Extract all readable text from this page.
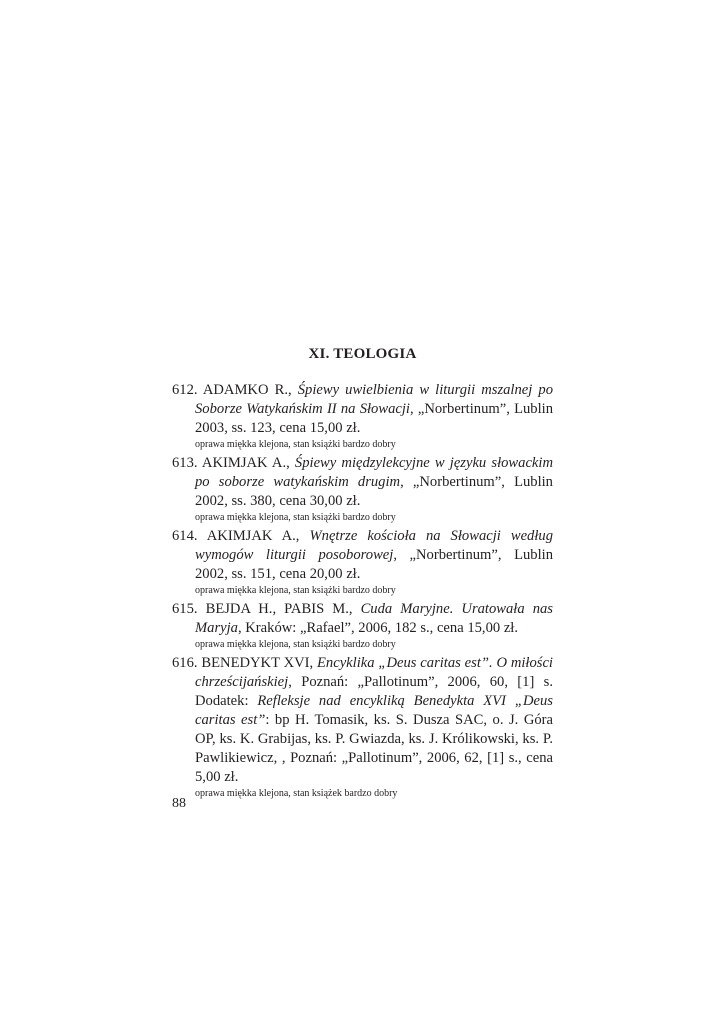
XI. TEOLOGIA

612. ADAMKO R., Śpiewy uwielbienia w liturgii mszalnej po Soborze Watykańskim II na Słowacji, „Norbertinum”, Lublin 2003, ss. 123, cena 15,00 zł.

oprawa miękka klejona, stan książki bardzo dobry

613. AKIMJAK A., Śpiewy międzylekcyjne w języku słowackim po soborze watykańskim drugim, „Norbertinum”, Lublin 2002, ss. 380, cena 30,00 zł.

oprawa miękka klejona, stan książki bardzo dobry

614. AKIMJAK A., Wnętrze kościoła na Słowacji według wymogów liturgii posoborowej, „Norbertinum”, Lublin 2002, ss. 151, cena 20,00 zł.

oprawa miękka klejona, stan książki bardzo dobry

615. BEJDA H., PABIS M., Cuda Maryjne. Uratowała nas Maryja, Kraków: „Rafael”, 2006, 182 s., cena 15,00 zł.

oprawa miękka klejona, stan książki bardzo dobry

616. BENEDYKT XVI, Encyklika „Deus caritas est”. O miłości chrześcijańskiej, Poznań: „Pallotinum”, 2006, 60, [1] s. Dodatek: Refleksje nad encykliką Benedykta XVI „Deus caritas est”: bp H. Tomasik, ks. S. Dusza SAC, o. J. Góra OP, ks. K. Grabijas, ks. P. Gwiazda, ks. J. Królikowski, ks. P. Pawlikiewicz, , Poznań: „Pallotinum”, 2006, 62, [1] s., cena 5,00 zł.

oprawa miękka klejona, stan książek bardzo dobry

88
